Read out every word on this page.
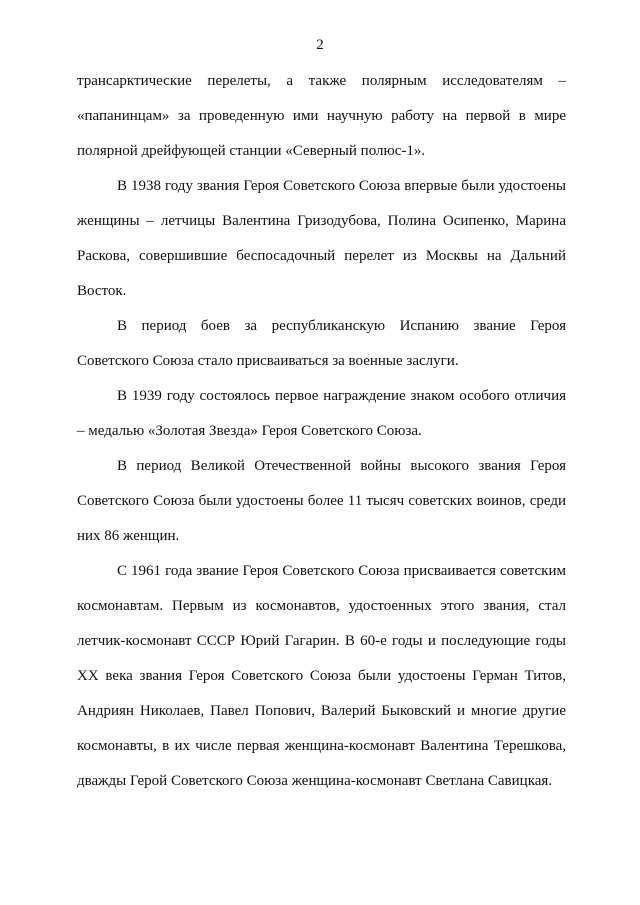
2

трансарктические перелеты, а также полярным исследователям – «папанинцам» за проведенную ими научную работу на первой в мире полярной дрейфующей станции «Северный полюс-1».

В 1938 году звания Героя Советского Союза впервые были удостоены женщины – летчицы Валентина Гризодубова, Полина Осипенко, Марина Раскова, совершившие беспосадочный перелет из Москвы на Дальний Восток.

В период боев за республиканскую Испанию звание Героя Советского Союза стало присваиваться за военные заслуги.

В 1939 году состоялось первое награждение знаком особого отличия – медалью «Золотая Звезда» Героя Советского Союза.

В период Великой Отечественной войны высокого звания Героя Советского Союза были удостоены более 11 тысяч советских воинов, среди них 86 женщин.

С 1961 года звание Героя Советского Союза присваивается советским космонавтам. Первым из космонавтов, удостоенных этого звания, стал летчик-космонавт СССР Юрий Гагарин. В 60-е годы и последующие годы XX века звания Героя Советского Союза были удостоены Герман Титов, Андриян Николаев, Павел Попович, Валерий Быковский и многие другие космонавты, в их числе первая женщина-космонавт Валентина Терешкова, дважды Герой Советского Союза женщина-космонавт Светлана Савицкая.
